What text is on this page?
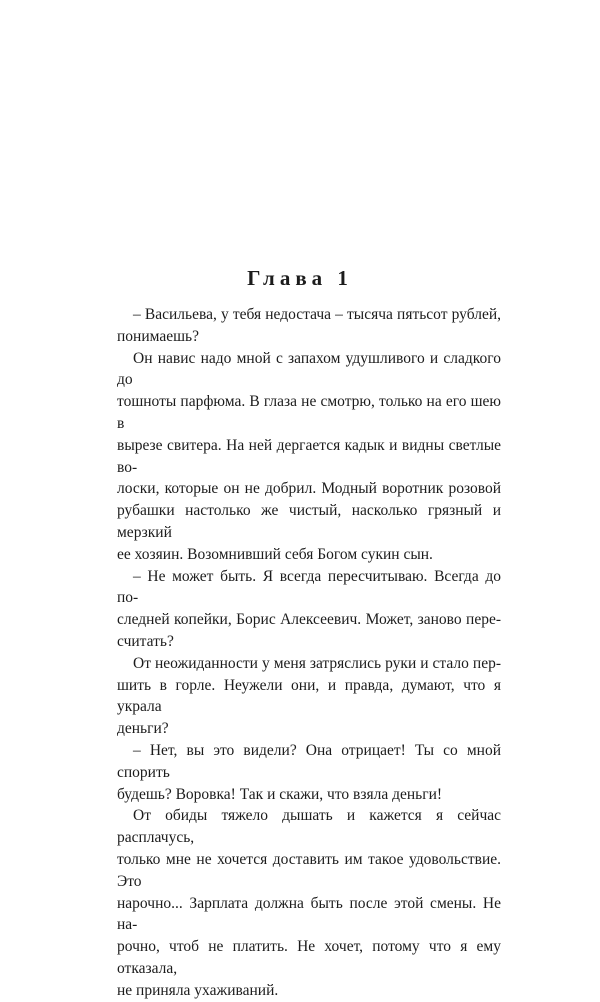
Глава 1

– Васильева, у тебя недостача – тысяча пятьсот рублей,
понимаешь?

Он навис надо мной с запахом удушливого и сладкого до
тошноты парфюма. В глаза не смотрю, только на его шею в
вырезе свитера. На ней дергается кадык и видны светлые во-
лоски, которые он не добрил. Модный воротник розовой
рубашки настолько же чистый, насколько грязный и мерзкий
ее хозяин. Возомнивший себя Богом сукин сын.

– Не может быть. Я всегда пересчитываю. Всегда до по-
следней копейки, Борис Алексеевич. Может, заново пере-
считать?

От неожиданности у меня затряслись руки и стало пер-
шить в горле. Неужели они, и правда, думают, что я украла
деньги?

– Нет, вы это видели? Она отрицает! Ты со мной спорить
будешь? Воровка! Так и скажи, что взяла деньги!

От обиды тяжело дышать и кажется я сейчас расплачусь,
только мне не хочется доставить им такое удовольствие. Это
нарочно... Зарплата должна быть после этой смены. Не на-
рочно, чтоб не платить. Не хочет, потому что я ему отказала,
не приняла ухаживаний.
